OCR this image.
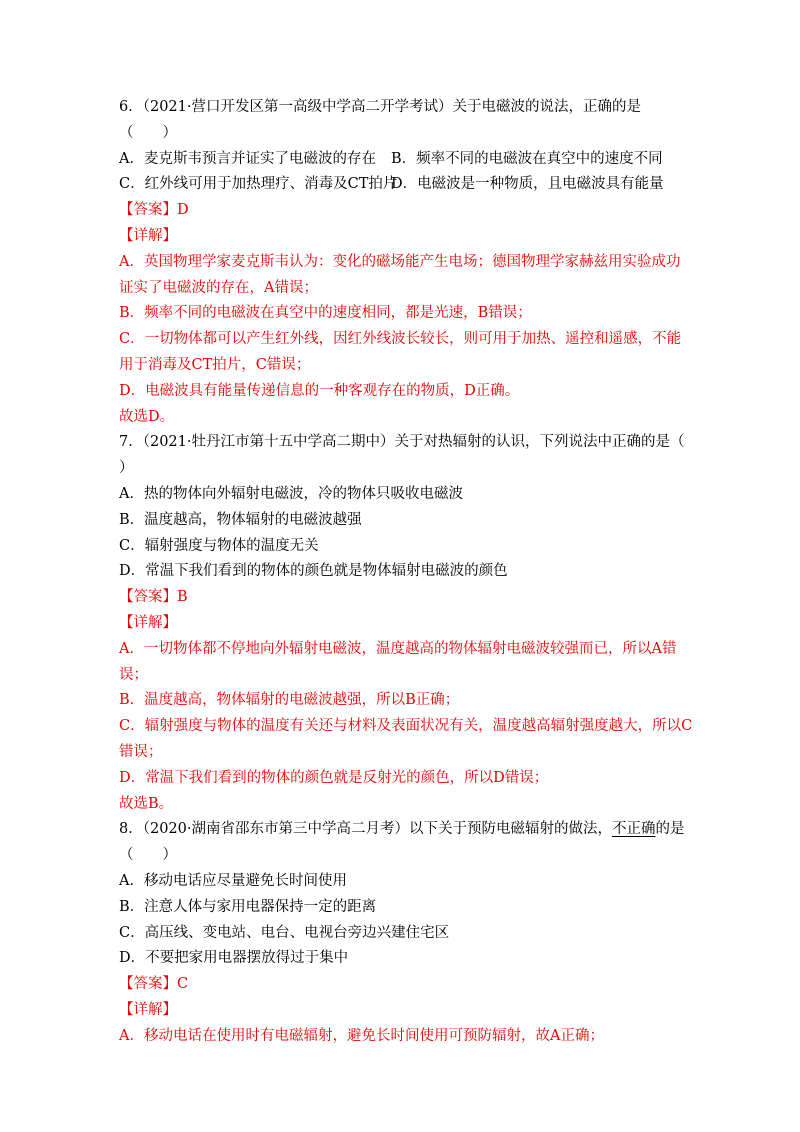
6．（2021·营口开发区第一高级中学高二开学考试）关于电磁波的说法，正确的是
（　　）
A．麦克斯韦预言并证实了电磁波的存在	B．频率不同的电磁波在真空中的速度不同
C．红外线可用于加热理疗、消毒及CT拍片
D．电磁波是一种物质，且电磁波具有能量
【答案】D
【详解】
A．英国物理学家麦克斯韦认为：变化的磁场能产生电场；德国物理学家赫兹用实验成功
证实了电磁波的存在，A错误；
B．频率不同的电磁波在真空中的速度相同，都是光速，B错误；
C．一切物体都可以产生红外线，因红外线波长较长，则可用于加热、遥控和遥感，不能
用于消毒及CT拍片，C错误；
D．电磁波具有能量传递信息的一种客观存在的物质，D正确。
故选D。
7．（2021·牡丹江市第十五中学高二期中）关于对热辐射的认识，下列说法中正确的是（
）
A．热的物体向外辐射电磁波，冷的物体只吸收电磁波
B．温度越高，物体辐射的电磁波越强
C．辐射强度与物体的温度无关
D．常温下我们看到的物体的颜色就是物体辐射电磁波的颜色
【答案】B
【详解】
A．一切物体都不停地向外辐射电磁波，温度越高的物体辐射电磁波较强而已，所以A错
误；
B．温度越高，物体辐射的电磁波越强，所以B正确；
C．辐射强度与物体的温度有关还与材料及表面状况有关，温度越高辐射强度越大，所以C
错误；
D．常温下我们看到的物体的颜色就是反射光的颜色，所以D错误；
故选B。
8．（2020·湖南省邵东市第三中学高二月考）以下关于预防电磁辐射的做法，不正确的是
（　　）
A．移动电话应尽量避免长时间使用
B．注意人体与家用电器保持一定的距离
C．高压线、变电站、电台、电视台旁边兴建住宅区
D．不要把家用电器摆放得过于集中
【答案】C
【详解】
A．移动电话在使用时有电磁辐射，避免长时间使用可预防辐射，故A正确；
